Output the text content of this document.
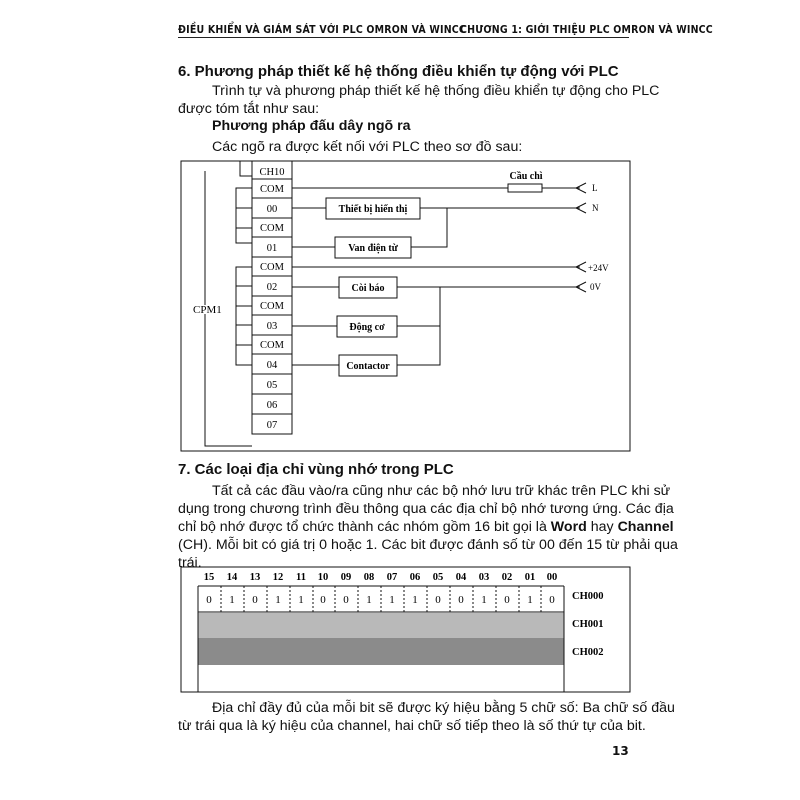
ĐIỀU KHIỂN VÀ GIÁM SÁT VỚI PLC OMRON VÀ WINCC
CHƯƠNG 1: GIỚI THIỆU PLC OMRON VÀ WINCC
6. Phương pháp thiết kế hệ thống điều khiển tự động với PLC
Trình tự và phương pháp thiết kế hệ thống điều khiển tự động cho PLC
được tóm tắt như sau:
Phương pháp đấu dây ngõ ra
Các ngõ ra được kết nối với PLC theo sơ đồ sau:
CH10
COM
00
COM
01
COM
02
COM
03
COM
04
05
06
07
CPM1
Thiết bị hiển thị
Van điện từ
Còi báo
Động cơ
Contactor
Cầu chì
L
N
+24V
0V
7. Các loại địa chỉ vùng nhớ trong PLC
Tất cả các đầu vào/ra cũng như các bộ nhớ lưu trữ khác trên PLC khi sử
dụng trong chương trình đều thông qua các địa chỉ bộ nhớ tương ứng. Các địa
chỉ bộ nhớ được tổ chức thành các nhóm gồm 16 bit gọi là Word hay Channel
(CH). Mỗi bit có giá trị 0 hoặc 1. Các bit được đánh số từ 00 đến 15 từ phải qua
trái.
15 14 13 12 11 10 09 08 07 06 05 04 03 02 01 00
0 1 0 1 1 0 0 1 1 1 0 0 1 0 1 0 CH000
CH001
CH002
Địa chỉ đầy đủ của mỗi bit sẽ được ký hiệu bằng 5 chữ số: Ba chữ số đầu
từ trái qua là ký hiệu của channel, hai chữ số tiếp theo là số thứ tự của bit.
13
